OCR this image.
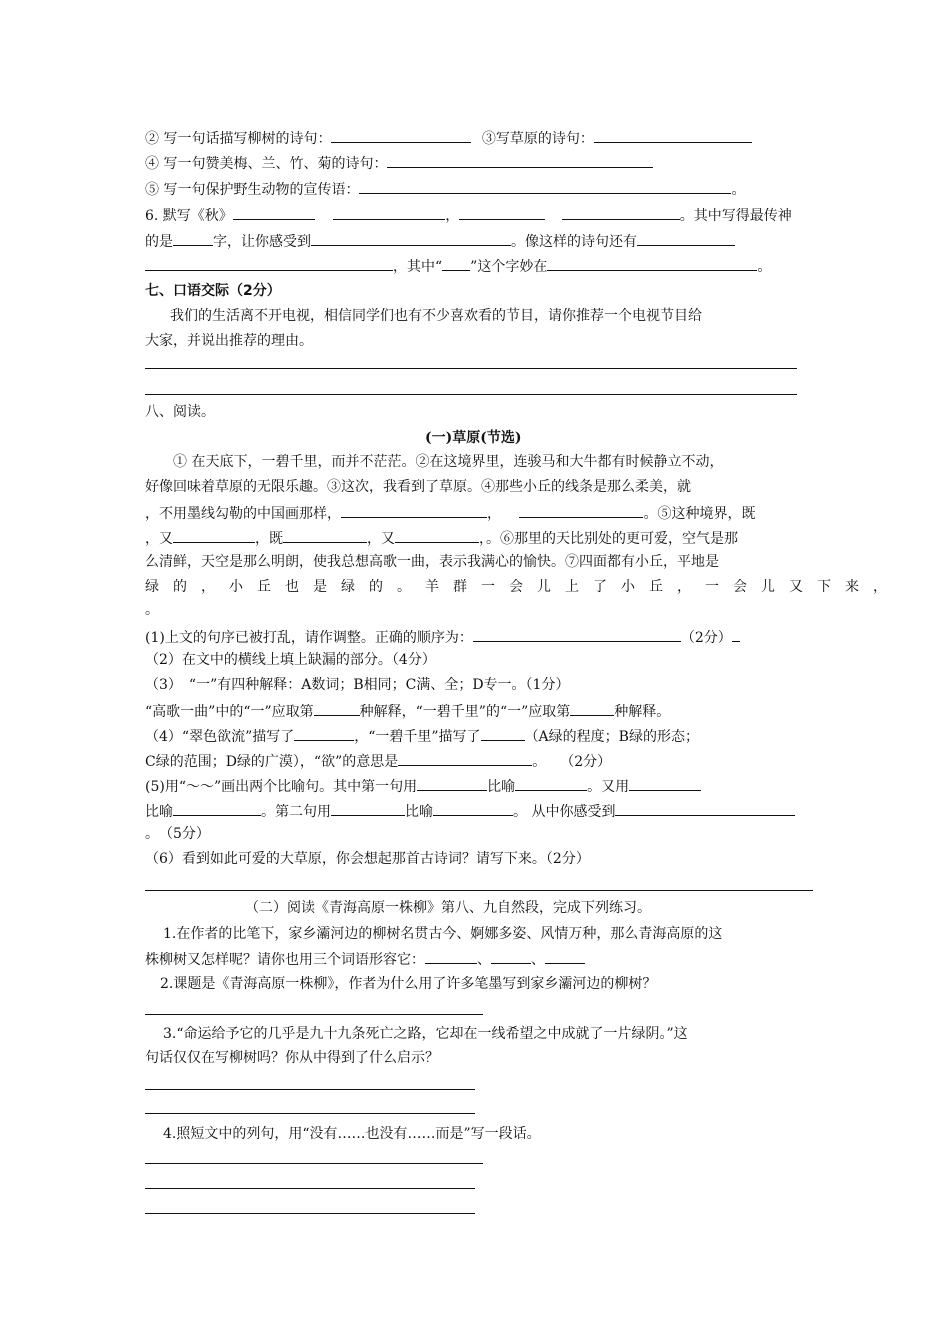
② 写一句话描写柳树的诗句：	③写草原的诗句：
④ 写一句赞美梅、兰、竹、菊的诗句：
⑤ 写一句保护野生动物的宣传语：	。
6. 默写《秋》	，	。其中写得最传神
的是	字，让你感受到	。像这样的诗句还有
，其中“ ”这个字妙在	。
七、口语交际（2分）
我们的生活离不开电视，相信同学们也有不少喜欢看的节目，请你推荐一个电视节目给
大家，并说出推荐的理由。
八、阅读。
(一)草原(节选)
① 在天底下，一碧千里，而并不茫茫。②在这境界里，连骏马和大牛都有时候静立不动，
好像回味着草原的无限乐趣。③这次，我看到了草原。④那些小丘的线条是那么柔美，就
，不用墨线勾勒的中国画那样，	，	。⑤这种境界，既
，又	，既	，又	，。⑥那里的天比别处的更可爱，空气是那
么清鲜，天空是那么明朗，使我总想高歌一曲，表示我满心的愉快。⑦四面都有小丘，平地是
绿的，小丘也是绿的。羊群一会儿上了小丘，一会儿又下来，
。
(1)上文的句序已被打乱，请作调整。正确的顺序为：	（2分）
（2）在文中的横线上填上缺漏的部分。（4分）
（3）　“一”有四种解释：A数词；B相同；C满、全；D专一。（1分）
“高歌一曲”中的“一”应取第	种解释，“一碧千里”的“一”应取第	种解释。
（4）“翠色欲流”描写了	，“一碧千里”描写了	（A绿的程度；B绿的形态；
C绿的范围；D绿的广漠），“欲”的意思是	。　　（2分）
(5)用“～～”画出两个比喻句。其中第一句用	比喻	。又用
比喻	。第二句用	比喻	。 从中你感受到
。　（5分）
（6）看到如此可爱的大草原，你会想起那首古诗词？请写下来。（2分）
（二）阅读《青海高原一株柳》第八、九自然段，完成下列练习。
1.在作者的比笔下，家乡灞河边的柳树名贯古今、婀娜多姿、风情万种，那么青海高原的这
株柳树又怎样呢？请你也用三个词语形容它：	、	、
2.课题是《青海高原一株柳》，作者为什么用了许多笔墨写到家乡灞河边的柳树？
3.“命运给予它的几乎是九十九条死亡之路，它却在一线希望之中成就了一片绿阴。”这
句话仅仅在写柳树吗？你从中得到了什么启示？
4.照短文中的列句，用“没有……也没有……而是”写一段话。
